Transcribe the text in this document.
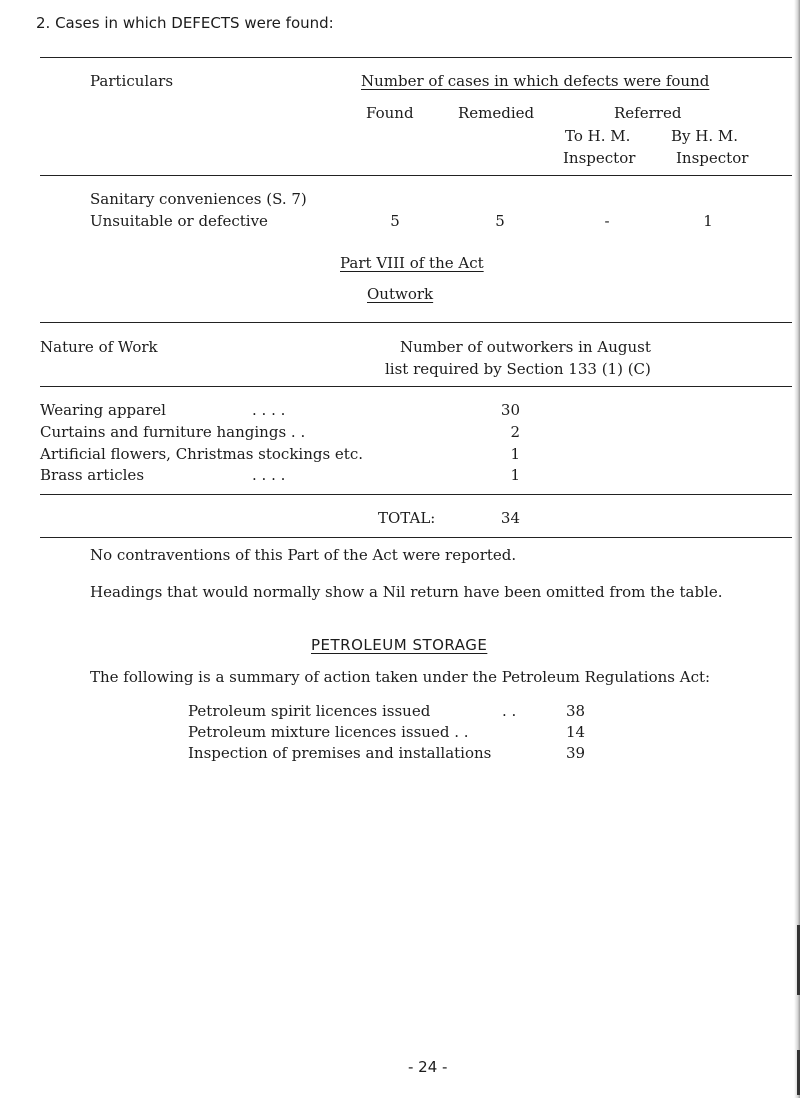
2. Cases in which DEFECTS were found:
Particulars	Number of cases in which defects were found
Found	Remedied	Referred
To H. M.	By H. M.
Inspector	Inspector
Sanitary conveniences (S. 7)
Unsuitable or defective	5	5	-	1
Part VIII of the Act
Outwork
Nature of Work	Number of outworkers in August
list required by Section 133 (1) (C)
Wearing apparel	. . . .	30
Curtains and furniture hangings . .	2
Artificial flowers, Christmas stockings etc.	1
Brass articles	. . . .	1
TOTAL:	34
No contraventions of this Part of the Act were reported.
Headings that would normally show a Nil return have been omitted from the table.
PETROLEUM STORAGE
The following is a summary of action taken under the Petroleum Regulations Act:
Petroleum spirit licences issued	. .	38
Petroleum mixture licences issued . .	14
Inspection of premises and installations	39
- 24 -
